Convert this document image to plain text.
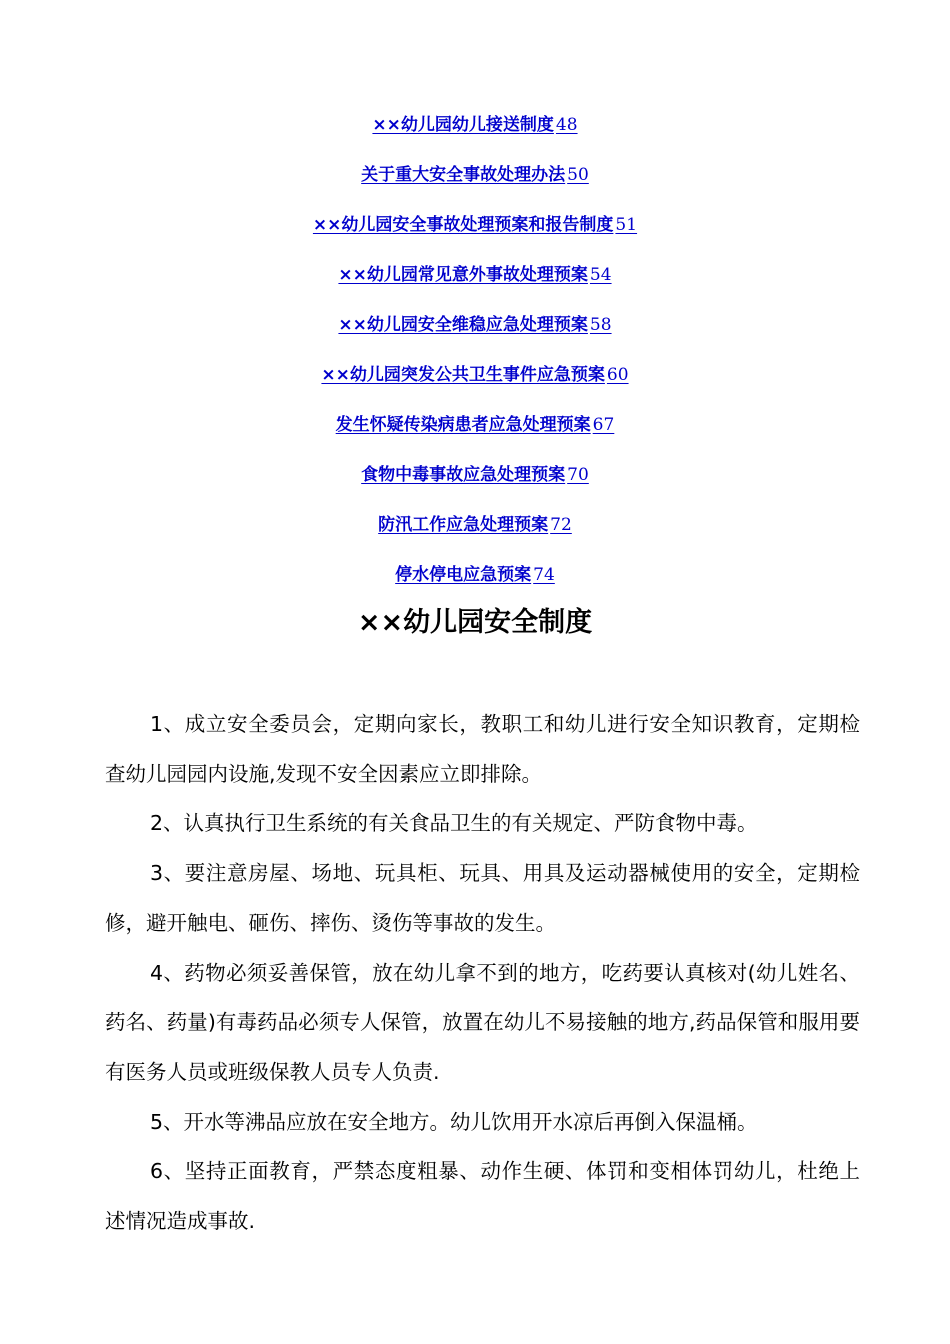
××幼儿园幼儿接送制度 48
关于重大安全事故处理办法 50
××幼儿园安全事故处理预案和报告制度 51
××幼儿园常见意外事故处理预案 54
××幼儿园安全维稳应急处理预案 58
××幼儿园突发公共卫生事件应急预案 60
发生怀疑传染病患者应急处理预案 67
食物中毒事故应急处理预案 70
防汛工作应急处理预案 72
停水停电应急预案 74
××幼儿园安全制度

1、成立安全委员会，定期向家长，教职工和幼儿进行安全知识教育，定期检查幼儿园园内设施,发现不安全因素应立即排除。

2、认真执行卫生系统的有关食品卫生的有关规定、严防食物中毒。

3、要注意房屋、场地、玩具柜、玩具、用具及运动器械使用的安全，定期检修，避开触电、砸伤、摔伤、烫伤等事故的发生。

4、药物必须妥善保管，放在幼儿拿不到的地方，吃药要认真核对(幼儿姓名、药名、药量)有毒药品必须专人保管，放置在幼儿不易接触的地方,药品保管和服用要有医务人员或班级保教人员专人负责.

5、开水等沸品应放在安全地方。幼儿饮用开水凉后再倒入保温桶。

6、坚持正面教育，严禁态度粗暴、动作生硬、体罚和变相体罚幼儿，杜绝上述情况造成事故.
